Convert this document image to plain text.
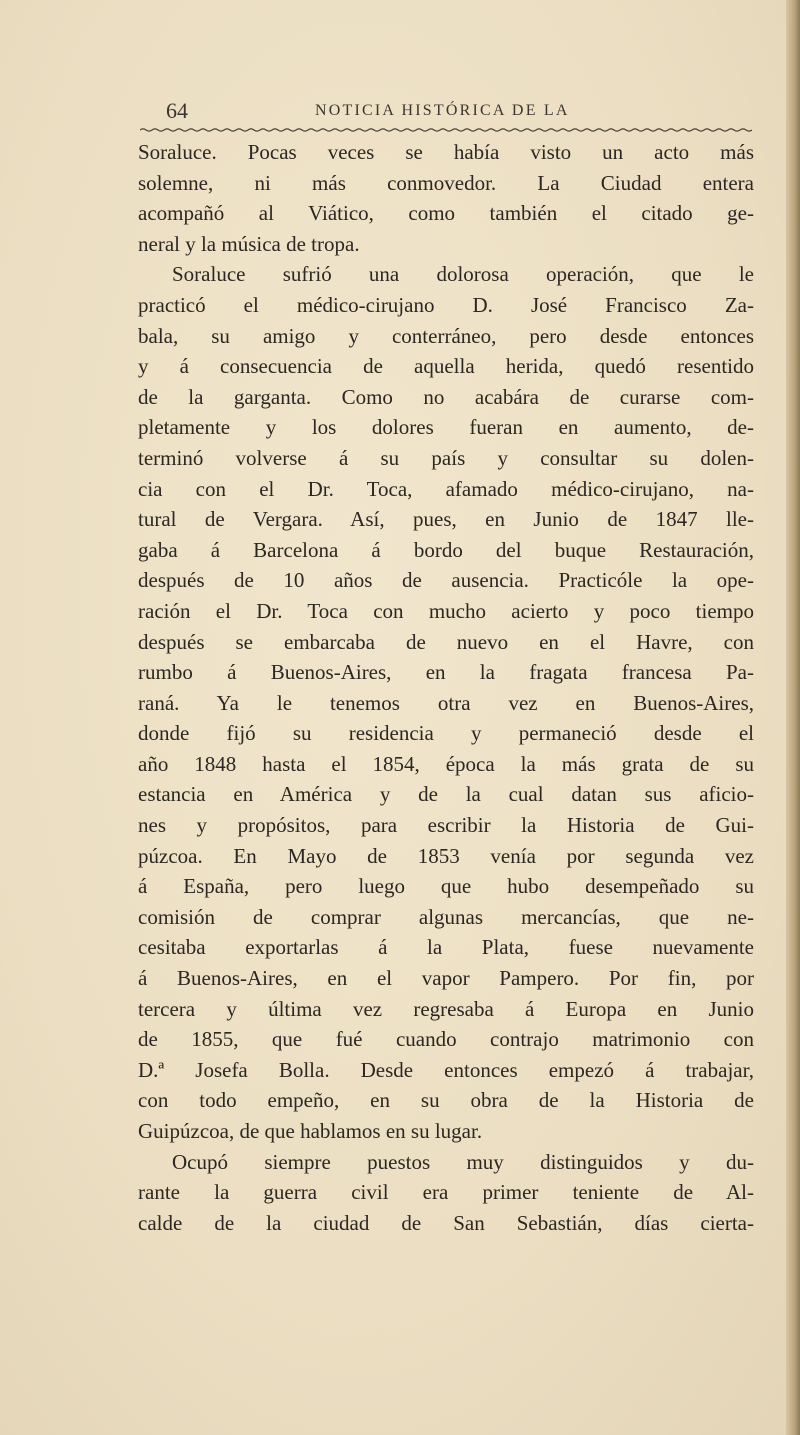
64	NOTICIA HISTÓRICA DE LA
Soraluce. Pocas veces se había visto un acto más
solemne, ni más conmovedor. La Ciudad entera
acompañó al Viático, como también el citado ge-
neral y la música de tropa.
Soraluce sufrió una dolorosa operación, que le
practicó el médico-cirujano D. José Francisco Za-
bala, su amigo y conterráneo, pero desde entonces
y á consecuencia de aquella herida, quedó resentido
de la garganta. Como no acabára de curarse com-
pletamente y los dolores fueran en aumento, de-
terminó volverse á su país y consultar su dolen-
cia con el Dr. Toca, afamado médico-cirujano, na-
tural de Vergara. Así, pues, en Junio de 1847 lle-
gaba á Barcelona á bordo del buque Restauración,
después de 10 años de ausencia. Practicóle la ope-
ración el Dr. Toca con mucho acierto y poco tiempo
después se embarcaba de nuevo en el Havre, con
rumbo á Buenos-Aires, en la fragata francesa Pa-
raná. Ya le tenemos otra vez en Buenos-Aires,
donde fijó su residencia y permaneció desde el
año 1848 hasta el 1854, época la más grata de su
estancia en América y de la cual datan sus aficio-
nes y propósitos, para escribir la Historia de Gui-
púzcoa. En Mayo de 1853 venía por segunda vez
á España, pero luego que hubo desempeñado su
comisión de comprar algunas mercancías, que ne-
cesitaba exportarlas á la Plata, fuese nuevamente
á Buenos-Aires, en el vapor Pampero. Por fin, por
tercera y última vez regresaba á Europa en Junio
de 1855, que fué cuando contrajo matrimonio con
D.ª Josefa Bolla. Desde entonces empezó á trabajar,
con todo empeño, en su obra de la Historia de
Guipúzcoa, de que hablamos en su lugar.
Ocupó siempre puestos muy distinguidos y du-
rante la guerra civil era primer teniente de Al-
calde de la ciudad de San Sebastián, días cierta-
